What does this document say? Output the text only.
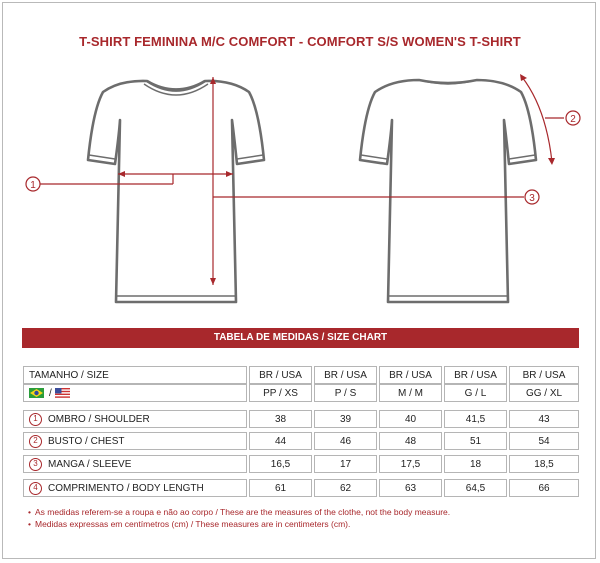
T-SHIRT FEMININA M/C COMFORT - COMFORT S/S WOMEN'S T-SHIRT
1
2
3
TABELA DE MEDIDAS / SIZE CHART
TAMANHO / SIZE	BR / USA	BR / USA	BR / USA	BR / USA	BR / USA
/	PP / XS	P / S	M / M	G / L	GG / XL
1	OMBRO / SHOULDER	38	39	40	41,5	43
2	BUSTO / CHEST	44	46	48	51	54
3	MANGA / SLEEVE	16,5	17	17,5	18	18,5
4	COMPRIMENTO / BODY LENGTH	61	62	63	64,5	66
• As medidas referem-se a roupa e não ao corpo / These are the measures of the clothe, not the body measure.
• Medidas expressas em centímetros (cm) / These measures are in centimeters (cm).
